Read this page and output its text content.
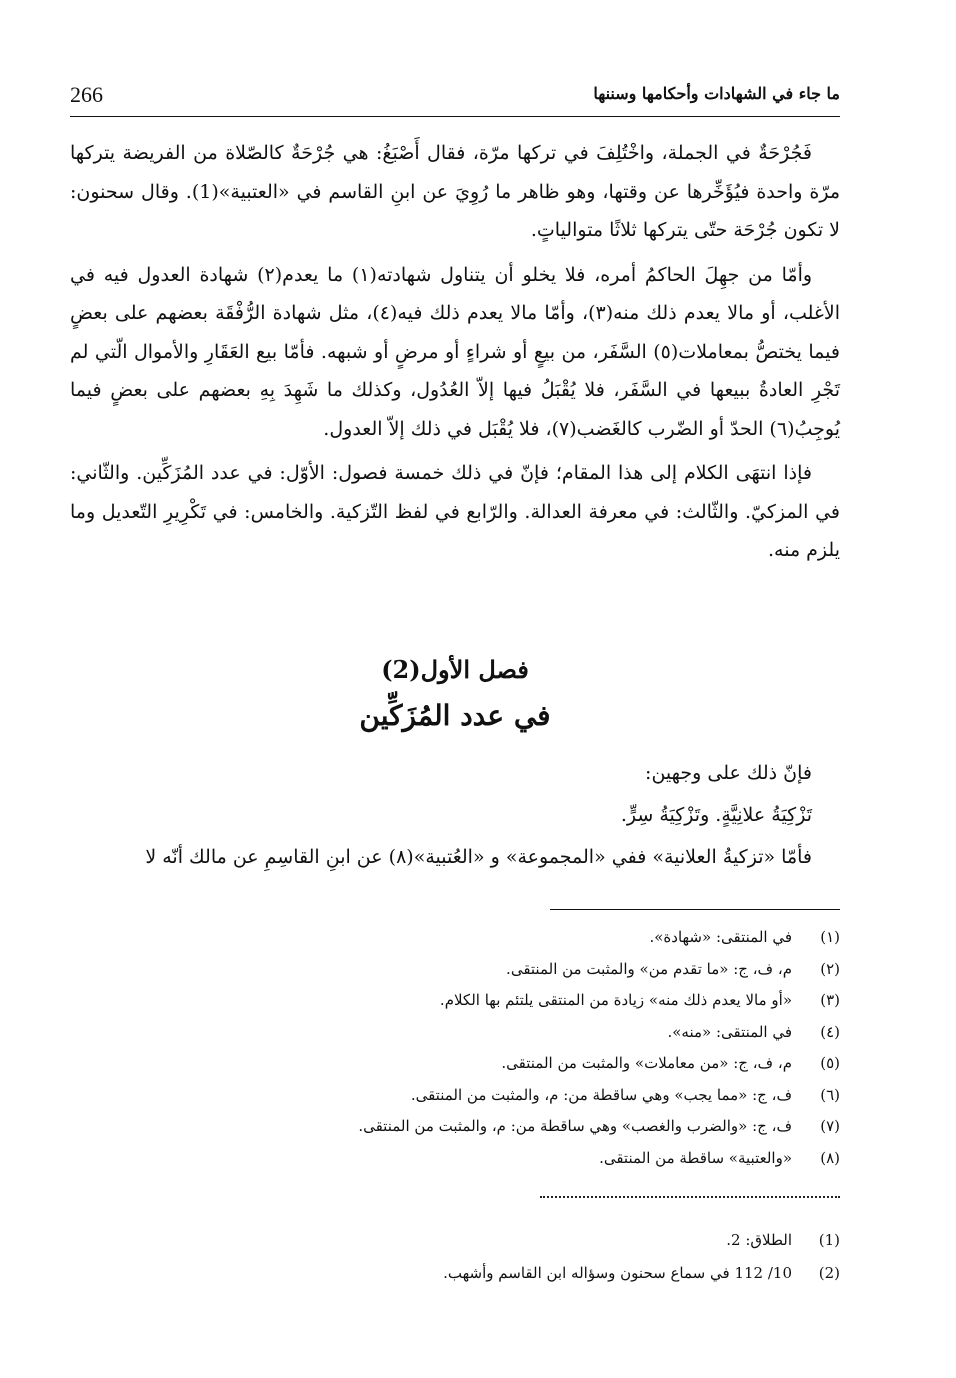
266	ما جاء في الشهادات وأحكامها وسننها

فَجُرْحَةٌ في الجملة، واخْتُلِفَ في تركها مرّة، فقال أَصْبَغُ: هي جُرْحَةٌ كالصّلاة من الفريضة يتركها مرّة واحدة فيُؤَخِّرها عن وقتها، وهو ظاهر ما رُوِيَ عن ابنِ القاسم في «العتبية»(1). وقال سحنون: لا تكون جُرْحَة حتّى يتركها ثلاثًا متوالياتٍ.

وأمّا من جهِلَ الحاكمُ أمره، فلا يخلو أن يتناول شهادته(١) ما يعدم(٢) شهادة العدول فيه في الأغلب، أو مالا يعدم ذلك منه(٣)، وأمّا مالا يعدم ذلك فيه(٤)، مثل شهادة الرُّفْقَة بعضهم على بعضٍ فيما يختصُّ بمعاملات(٥) السَّفَر، من بيعٍ أو شراءٍ أو مرضٍ أو شبهه. فأمّا بيع العَقَارِ والأموال الّتي لم تَجْرِ العادةُ ببيعها في السَّفَر، فلا يُقْبَلُ فيها إلاّ العُدُول، وكذلك ما شَهِدَ بِهِ بعضهم على بعضٍ فيما يُوجِبُ(٦) الحدّ أو الضّرب كالغَضب(٧)، فلا يُقْبَل في ذلك إلاّ العدول.

فإذا انتهَى الكلام إلى هذا المقام؛ فإنّ في ذلك خمسة فصول: الأوّل: في عدد المُزَكِّين. والثّاني: في المزكيّ. والثّالث: في معرفة العدالة. والرّابع في لفظ التّزكية. والخامس: في تَكْرِيرِ التّعديل وما يلزم منه.

فصل الأول(2)
في عدد المُزَكِّين
فإنّ ذلك على وجهين:
تَزْكِيَةُ علانِيَّةٍ. وتَزْكِيَةُ سِرٍّ.
فأمّا «تزكيةُ العلانية» ففي «المجموعة» و «العُتبية»(٨) عن ابنِ القاسِمِ عن مالك أنّه لا
(١)في المنتقى: «شهادة».
(٢)م، ف، ج: «ما تقدم من» والمثبت من المنتقى.
(٣)«أو مالا يعدم ذلك منه» زيادة من المنتقى يلتئم بها الكلام.
(٤)في المنتقى: «منه».
(٥)م، ف، ج: «من معاملات» والمثبت من المنتقى.
(٦)ف، ج: «مما يجب» وهي ساقطة من: م، والمثبت من المنتقى.
(٧)ف، ج: «والضرب والغصب» وهي ساقطة من: م، والمثبت من المنتقى.
(٨)«والعتبية» ساقطة من المنتقى.
(1)الطلاق: 2.
(2)10/ 112 في سماع سحنون وسؤاله ابن القاسم وأشهب.
